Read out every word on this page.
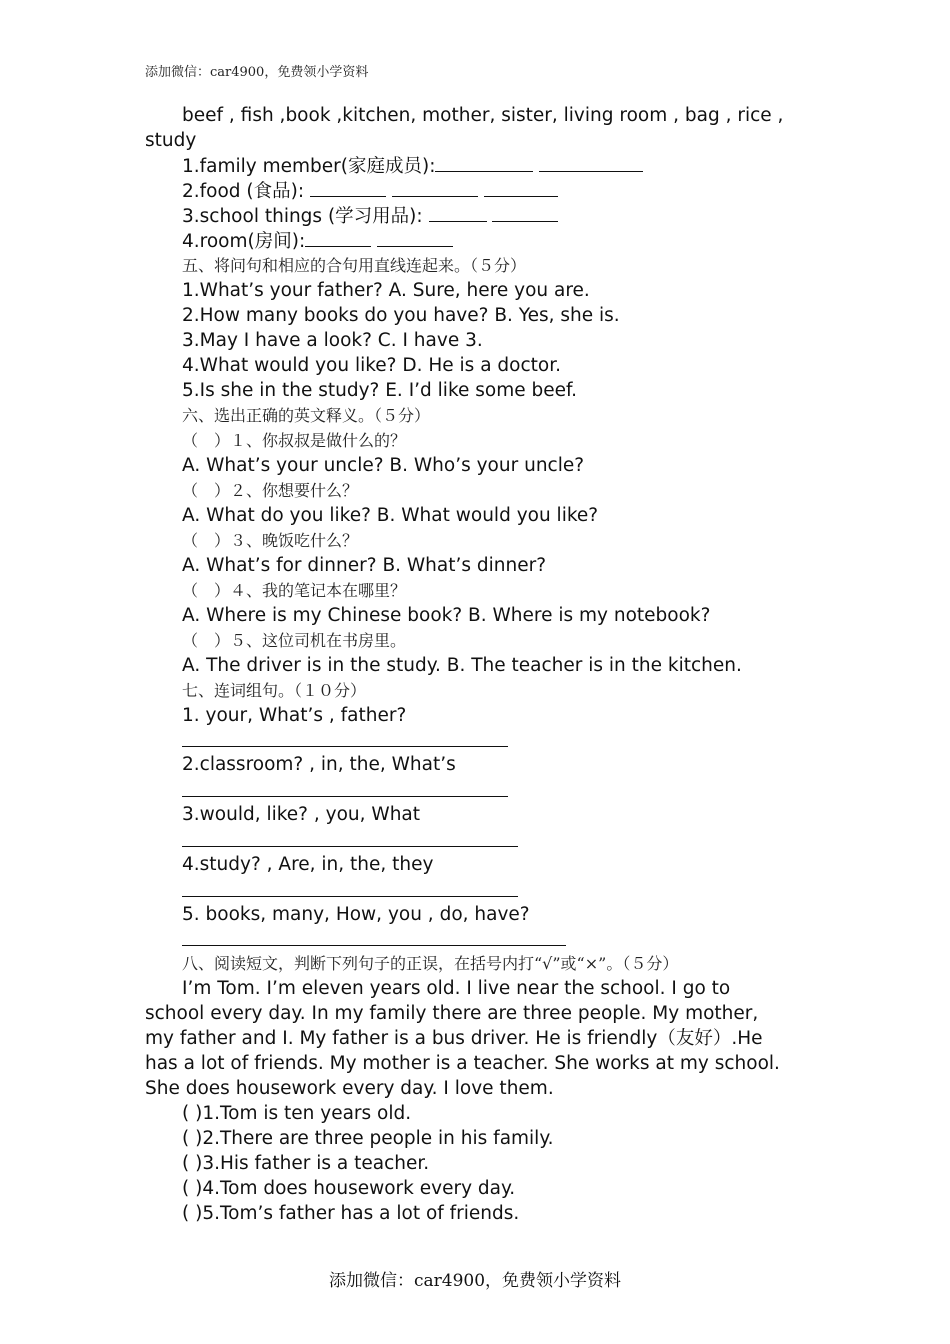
添加微信：car4900，免费领小学资料
beef , fish ,book ,kitchen, mother, sister, living room , bag , rice ,
study
1.family member(家庭成员):
2.food (食品):
3.school things (学习用品):
4.room(房间):
五、将问句和相应的合句用直线连起来。（５分）
1.What’s your father? A. Sure, here you are.
2.How many books do you have? B. Yes, she is.
3.May I have a look? C. I have 3.
4.What would you like? D. He is a doctor.
5.Is she in the study? E. I’d like some beef.
六、选出正确的英文释义。（５分）
（　）１、你叔叔是做什么的？
A. What’s your uncle? B. Who’s your uncle?
（　）２、你想要什么？
A. What do you like? B. What would you like?
（　）３、晚饭吃什么？
A. What’s for dinner? B. What’s dinner?
（　）４、我的笔记本在哪里？
A. Where is my Chinese book? B. Where is my notebook?
（　）５、这位司机在书房里。
A. The driver is in the study. B. The teacher is in the kitchen.
七、连词组句。（１０分）
1. your, What’s , father?
2.classroom? , in, the, What’s
3.would, like? , you, What
4.study? , Are, in, the, they
5. books, many, How, you , do, have?
八、阅读短文，判断下列句子的正误，在括号内打“√”或“×”。（５分）
I’m Tom. I’m eleven years old. I live near the school. I go to
school every day. In my family there are three people. My mother,
my father and I. My father is a bus driver. He is friendly（友好）.He
has a lot of friends. My mother is a teacher. She works at my school.
She does housework every day. I love them.
( )1.Tom is ten years old.
( )2.There are three people in his family.
( )3.His father is a teacher.
( )4.Tom does housework every day.
( )5.Tom’s father has a lot of friends.
添加微信：car4900，免费领小学资料
